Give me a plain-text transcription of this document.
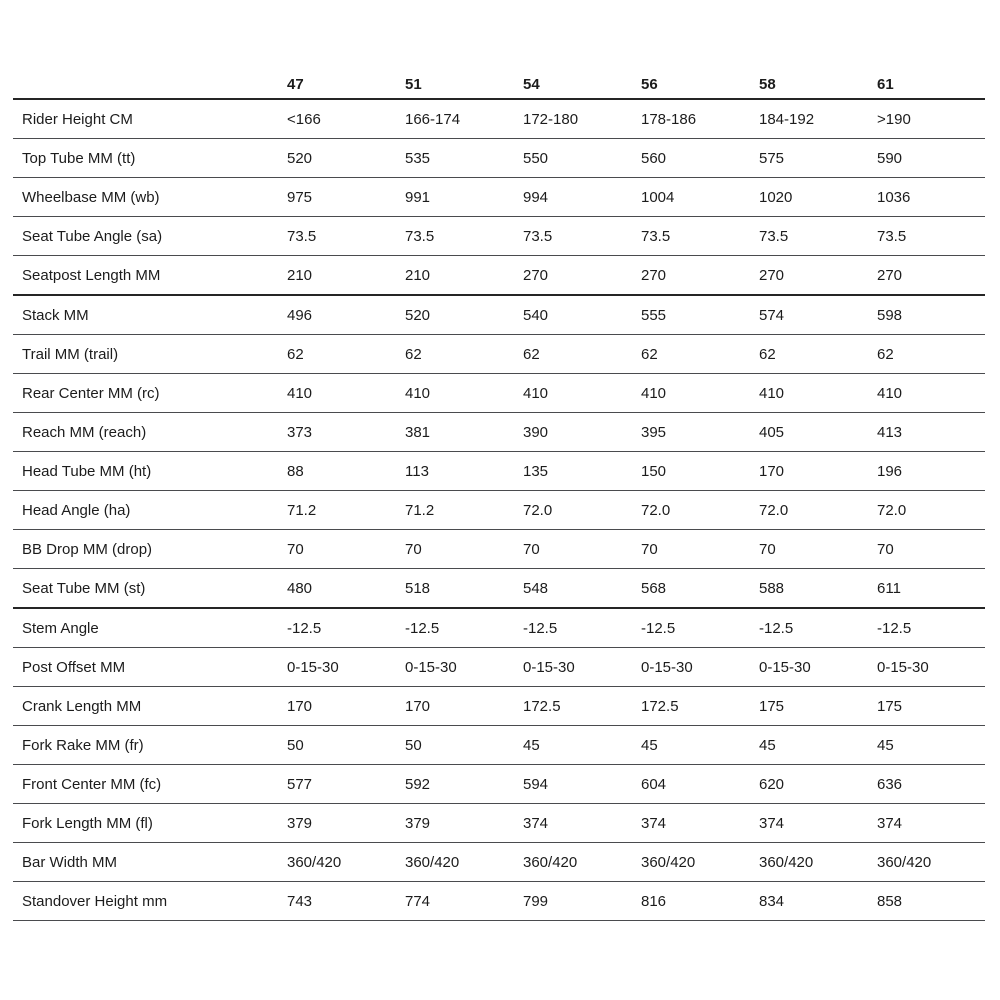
	47	51	54	56	58	61
Rider Height CM	<166	166-174	172-180	178-186	184-192	>190
Top Tube MM (tt)	520	535	550	560	575	590
Wheelbase MM (wb)	975	991	994	1004	1020	1036
Seat Tube Angle (sa)	73.5	73.5	73.5	73.5	73.5	73.5
Seatpost Length MM	210	210	270	270	270	270
Stack MM	496	520	540	555	574	598
Trail MM (trail)	62	62	62	62	62	62
Rear Center MM (rc)	410	410	410	410	410	410
Reach MM (reach)	373	381	390	395	405	413
Head Tube MM (ht)	88	113	135	150	170	196
Head Angle (ha)	71.2	71.2	72.0	72.0	72.0	72.0
BB Drop MM (drop)	70	70	70	70	70	70
Seat Tube MM (st)	480	518	548	568	588	611
Stem Angle	-12.5	-12.5	-12.5	-12.5	-12.5	-12.5
Post Offset MM	0-15-30	0-15-30	0-15-30	0-15-30	0-15-30	0-15-30
Crank Length MM	170	170	172.5	172.5	175	175
Fork Rake MM (fr)	50	50	45	45	45	45
Front Center MM (fc)	577	592	594	604	620	636
Fork Length MM (fl)	379	379	374	374	374	374
Bar Width MM	360/420	360/420	360/420	360/420	360/420	360/420
Standover Height mm	743	774	799	816	834	858
